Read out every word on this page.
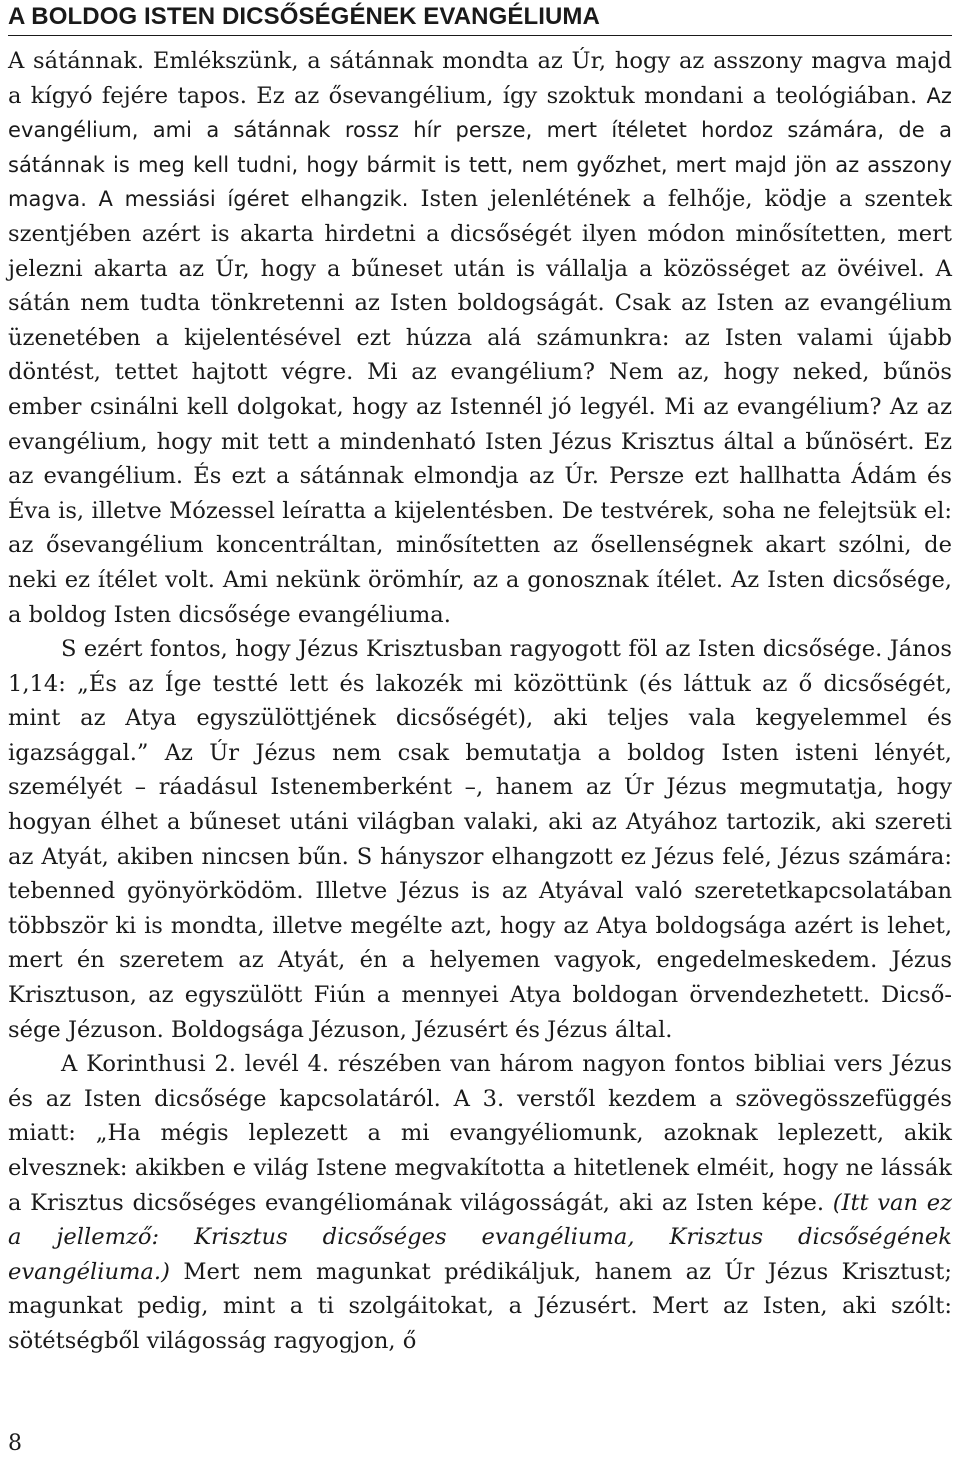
A BOLDOG ISTEN DICSŐSÉGÉNEK EVANGÉLIUMA

A sátánnak. Emlékszünk, a sátánnak mondta az Úr, hogy az asszony magva majd a kígyó fejére tapos. Ez az ősevangélium, így szoktuk mondani a teológiában. Az evangélium, ami a sátánnak rossz hír persze, mert ítéletet hordoz számára, de a sátánnak is meg kell tudni, hogy bármit is tett, nem győzhet, mert majd jön az asszony magva. A messiási ígéret elhangzik. Isten jelenlétének a felhője, ködje a szentek szentjében azért is akarta hirdetni a dicsőségét ilyen módon minősítetten, mert jelezni akarta az Úr, hogy a bűneset után is vállalja a közösséget az övéivel. A sátán nem tudta tönkretenni az Isten boldogságát. Csak az Isten az evangélium üzenetében a kijelentésével ezt húzza alá számunkra: az Isten valami újabb döntést, tettet hajtott végre. Mi az evangélium? Nem az, hogy neked, bűnös ember csinálni kell dolgokat, hogy az Istennél jó legyél. Mi az evangélium? Az az evangélium, hogy mit tett a mindenható Isten Jézus Krisztus által a bűnösért. Ez az evangélium. És ezt a sátánnak elmondja az Úr. Persze ezt hallhatta Ádám és Éva is, illetve Mózessel leíratta a kijelentésben. De testvérek, soha ne felejtsük el: az ősevangélium koncentráltan, minősítetten az ősellenségnek akart szólni, de neki ez ítélet volt. Ami nekünk örömhír, az a gonosznak ítélet. Az Isten dicsősége, a boldog Isten dicsősége evangéliuma.

S ezért fontos, hogy Jézus Krisztusban ragyogott föl az Isten dicsősége. János 1,14: „És az Íge testté lett és lakozék mi közöttünk (és láttuk az ő dicsőségét, mint az Atya egyszülöttjének dicsőségét), aki teljes vala kegyelemmel és igazsággal.” Az Úr Jézus nem csak bemutatja a boldog Isten isteni lényét, személyét – ráadásul Istenemberként –, hanem az Úr Jézus megmutatja, hogy hogyan élhet a bűneset utáni világban valaki, aki az Atyához tartozik, aki szereti az Atyát, akiben nincsen bűn. S hányszor elhangzott ez Jézus felé, Jézus számára: tebenned gyönyörködöm. Illetve Jézus is az Atyával való szeretetkapcsolatában többször ki is mondta, illetve megélte azt, hogy az Atya boldogsága azért is lehet, mert én szeretem az Atyát, én a helyemen vagyok, engedelmeskedem. Jézus Krisztuson, az egyszülött Fiún a mennyei Atya boldogan örvendezhetett. Dicsősége Jézuson. Boldogsága Jézuson, Jézusért és Jézus által.

A Korinthusi 2. levél 4. részében van három nagyon fontos bibliai vers Jézus és az Isten dicsősége kapcsolatáról. A 3. verstől kezdem a szövegösszefüggés miatt: „Ha mégis leplezett a mi evangyéliomunk, azoknak leplezett, akik elvesznek: akikben e világ Istene megvakította a hitetlenek elméit, hogy ne lássák a Krisztus dicsőséges evangéliomának világosságát, aki az Isten képe. (Itt van ez a jellemző: Krisztus dicsőséges evangéliuma, Krisztus dicsőségének evangéliuma.) Mert nem magunkat prédikáljuk, hanem az Úr Jézus Krisztust; magunkat pedig, mint a ti szolgáitokat, a Jézusért. Mert az Isten, aki szólt: sötétségből világosság ragyogjon, ő

8
